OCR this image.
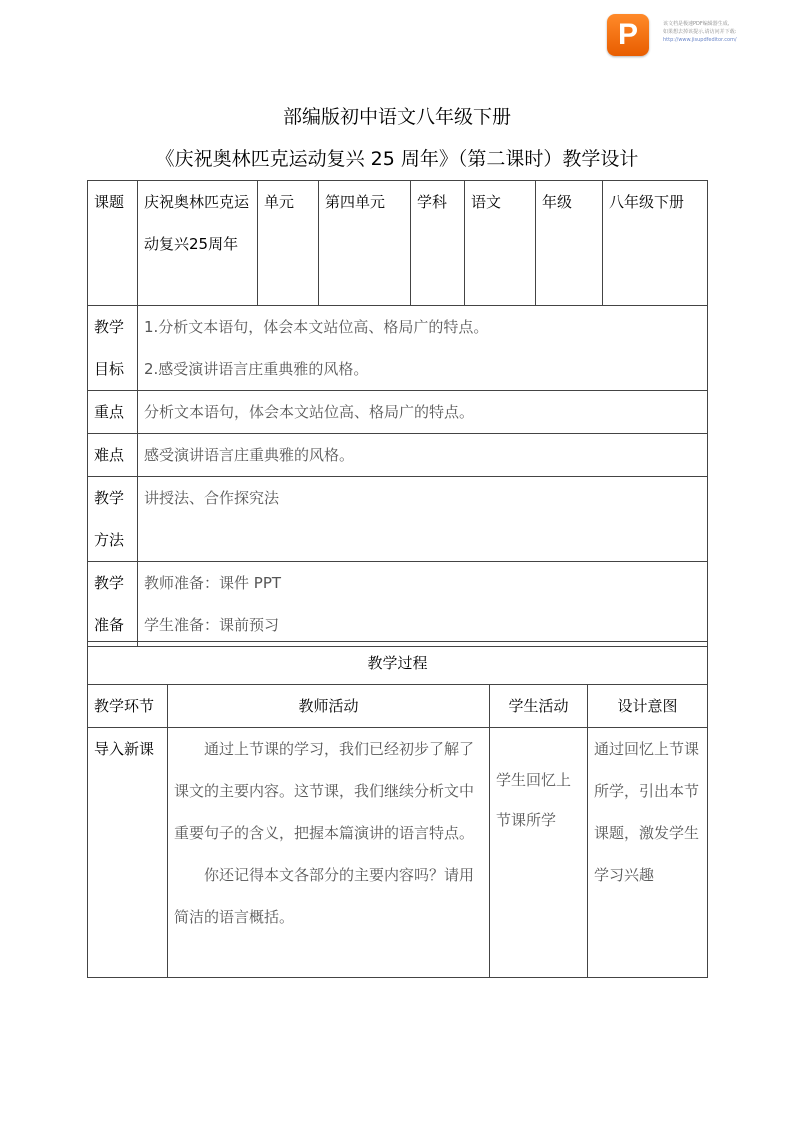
P	该文档是极速PDF编辑器生成,
如果想去掉该提示,请访问并下载:
http://www.jisupdfeditor.com/
部编版初中语文八年级下册
《庆祝奥林匹克运动复兴 25 周年》（第二课时）教学设计
课题	庆祝奥林匹克运动复兴25周年	单元	第四单元	学科	语文	年级	八年级下册
教学目标	1.分析文本语句，体会本文站位高、格局广的特点。

2.感受演讲语言庄重典雅的风格。						

重点	分析文本语句，体会本文站位高、格局广的特点。						
难点	感受演讲语言庄重典雅的风格。						
教学方法	讲授法、合作探究法						
教学准备	教师准备：课件 PPT

学生准备：课前预习						

教学过程			
教学环节	教师活动	学生活动	设计意图
导入新课	通过上节课的学习，我们已经初步了解了课文的主要内容。这节课，我们继续分析文中重要句子的含义，把握本篇演讲的语言特点。

你还记得本文各部分的主要内容吗？请用简洁的语言概括。	学生回忆上节课所学	通过回忆上节课所学，引出本节课题，激发学生学习兴趣
